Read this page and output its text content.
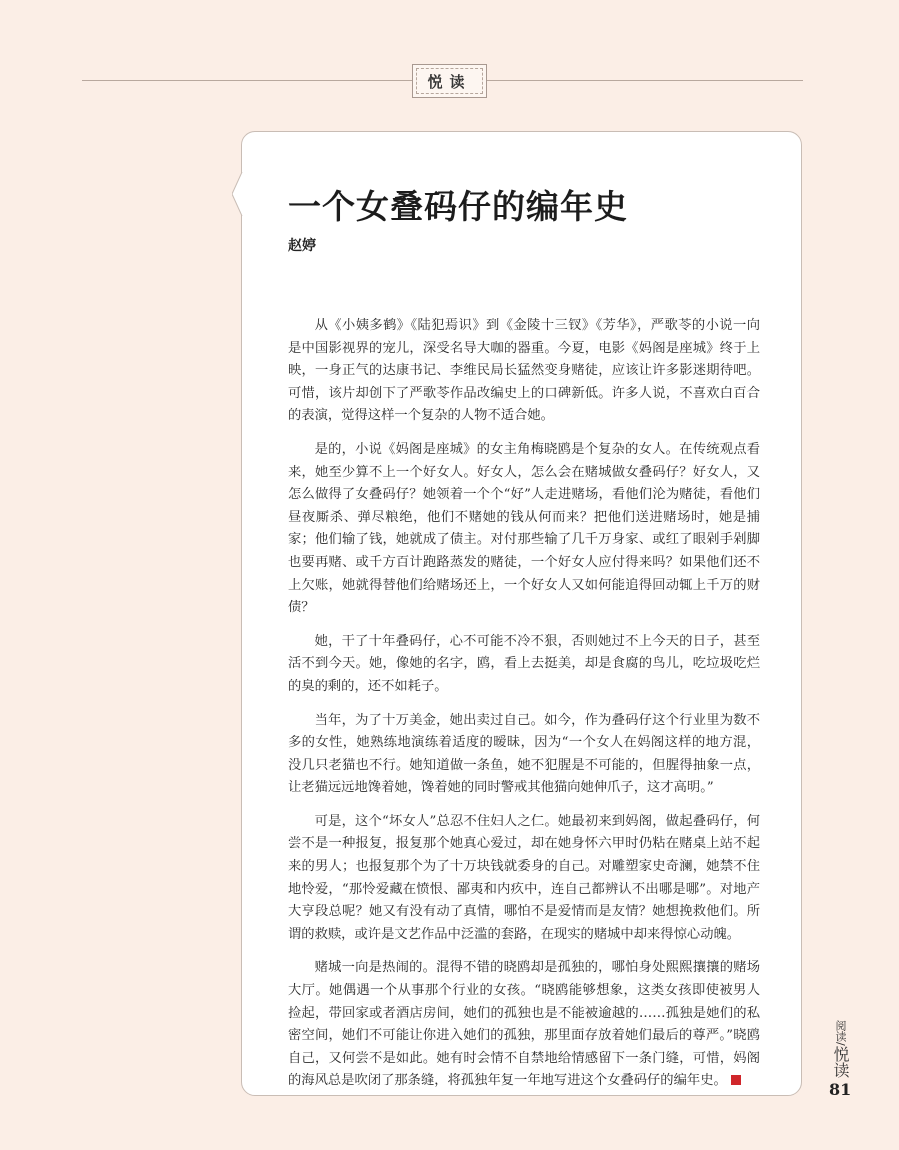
悦读
一个女叠码仔的编年史
赵婷

从《小姨多鹤》《陆犯焉识》到《金陵十三钗》《芳华》，严歌苓的小说一向是中国影视界的宠儿，深受名导大咖的器重。今夏，电影《妈阁是座城》终于上映，一身正气的达康书记、李维民局长猛然变身赌徒，应该让许多影迷期待吧。可惜，该片却创下了严歌苓作品改编史上的口碑新低。许多人说，不喜欢白百合的表演，觉得这样一个复杂的人物不适合她。

是的，小说《妈阁是座城》的女主角梅晓鸥是个复杂的女人。在传统观点看来，她至少算不上一个好女人。好女人，怎么会在赌城做女叠码仔？好女人，又怎么做得了女叠码仔？她领着一个个“好”人走进赌场，看他们沦为赌徒，看他们昼夜厮杀、弹尽粮绝，他们不赌她的钱从何而来？把他们送进赌场时，她是捕家；他们输了钱，她就成了债主。对付那些输了几千万身家、或红了眼剁手剁脚也要再赌、或千方百计跑路蒸发的赌徒，一个好女人应付得来吗？如果他们还不上欠账，她就得替他们给赌场还上，一个好女人又如何能追得回动辄上千万的财债？

她，干了十年叠码仔，心不可能不冷不狠，否则她过不上今天的日子，甚至活不到今天。她，像她的名字，鸥，看上去挺美，却是食腐的鸟儿，吃垃圾吃烂的臭的剩的，还不如耗子。

当年，为了十万美金，她出卖过自己。如今，作为叠码仔这个行业里为数不多的女性，她熟练地演练着适度的暧昧，因为“一个女人在妈阁这样的地方混，没几只老猫也不行。她知道做一条鱼，她不犯腥是不可能的，但腥得抽象一点，让老猫远远地馋着她，馋着她的同时警戒其他猫向她伸爪子，这才高明。”

可是，这个“坏女人”总忍不住妇人之仁。她最初来到妈阁，做起叠码仔，何尝不是一种报复，报复那个她真心爱过，却在她身怀六甲时仍粘在赌桌上站不起来的男人；也报复那个为了十万块钱就委身的自己。对雕塑家史奇澜，她禁不住地怜爱，“那怜爱藏在愤恨、鄙夷和内疚中，连自己都辨认不出哪是哪”。对地产大亨段总呢？她又有没有动了真情，哪怕不是爱情而是友情？她想挽救他们。所谓的救赎，或许是文艺作品中泛滥的套路，在现实的赌城中却来得惊心动魄。

赌城一向是热闹的。混得不错的晓鸥却是孤独的，哪怕身处熙熙攘攘的赌场大厅。她偶遇一个从事那个行业的女孩。“晓鸥能够想象，这类女孩即使被男人捡起，带回家或者酒店房间，她们的孤独也是不能被逾越的……孤独是她们的私密空间，她们不可能让你进入她们的孤独，那里面存放着她们最后的尊严。”晓鸥自己，又何尝不是如此。她有时会情不自禁地给情感留下一条门缝，可惜，妈阁的海风总是吹闭了那条缝，将孤独年复一年地写进这个女叠码仔的编年史。

阅读/悦读
81
